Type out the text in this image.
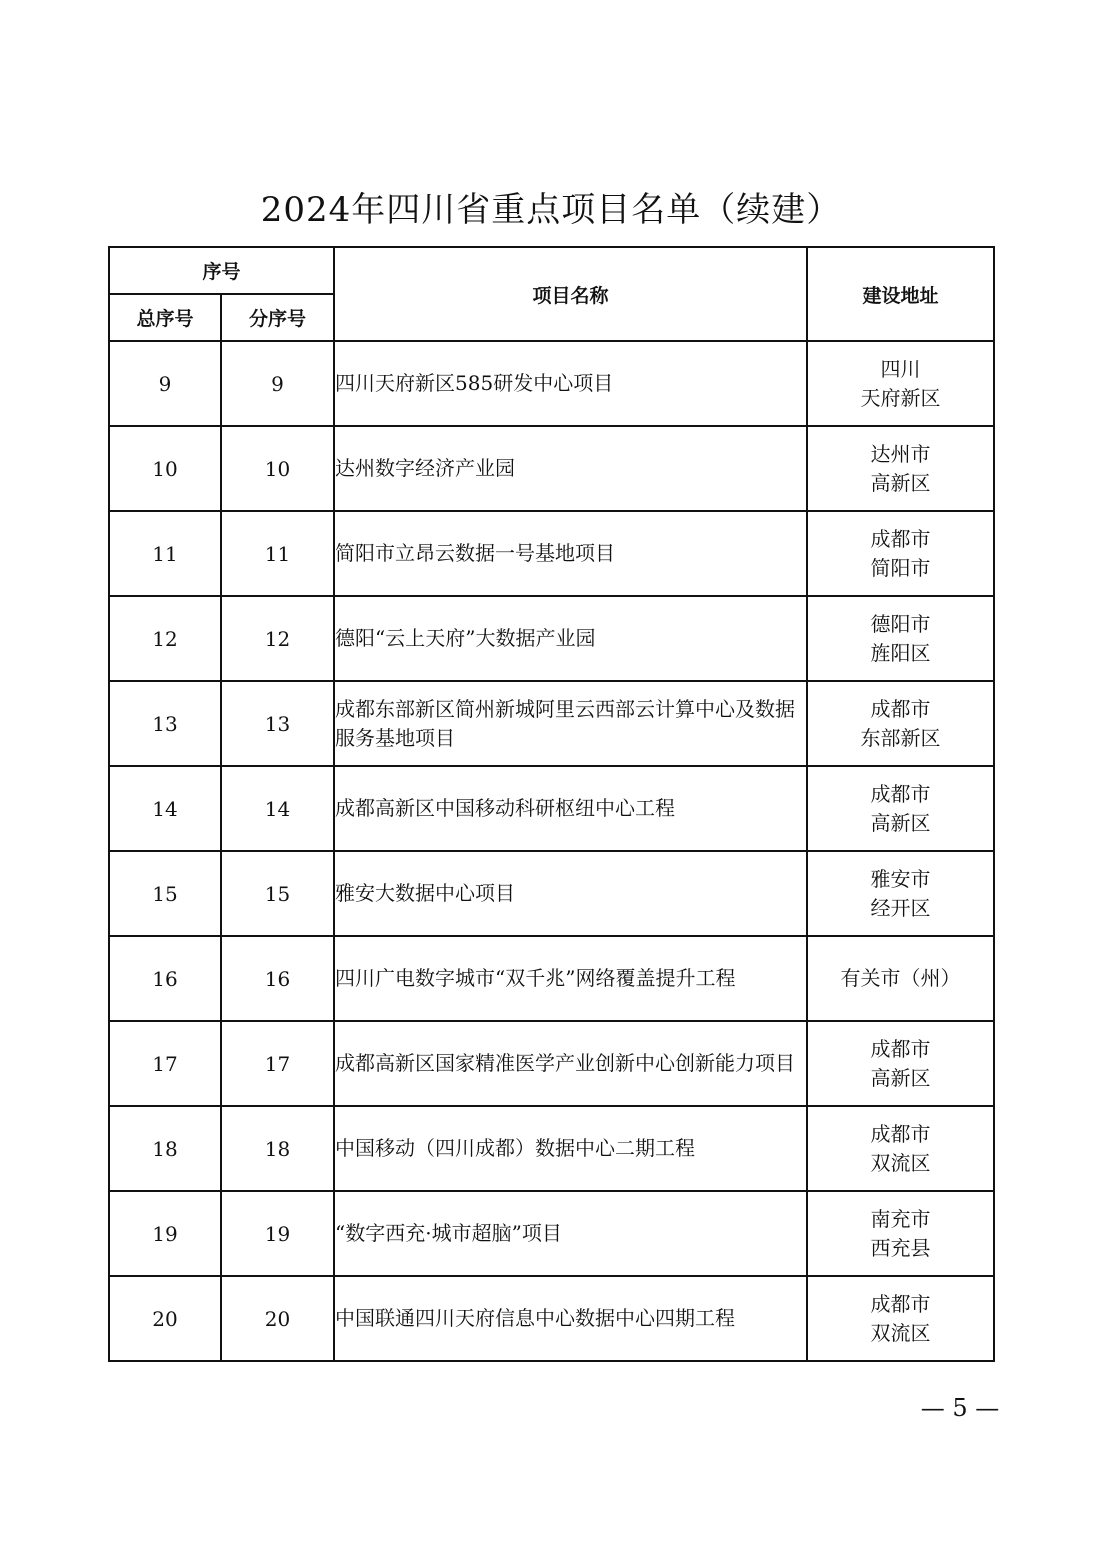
2024年四川省重点项目名单（续建）
序号		项目名称	建设地址
总序号	分序号		
9	9	四川天府新区585研发中心项目	四川
天府新区

10	10	达州数字经济产业园	达州市
高新区

11	11	简阳市立昂云数据一号基地项目	成都市
简阳市

12	12	德阳“云上天府”大数据产业园	德阳市
旌阳区

13	13	成都东部新区简州新城阿里云西部云计算中心及数据服务基地项目	成都市
东部新区

14	14	成都高新区中国移动科研枢纽中心工程	成都市
高新区

15	15	雅安大数据中心项目	雅安市
经开区

16	16	四川广电数字城市“双千兆”网络覆盖提升工程	有关市（州）

17	17	成都高新区国家精准医学产业创新中心创新能力项目	成都市
高新区

18	18	中国移动（四川成都）数据中心二期工程	成都市
双流区

19	19	“数字西充·城市超脑”项目	南充市
西充县

20	20	中国联通四川天府信息中心数据中心四期工程	成都市
双流区
— 5 —
